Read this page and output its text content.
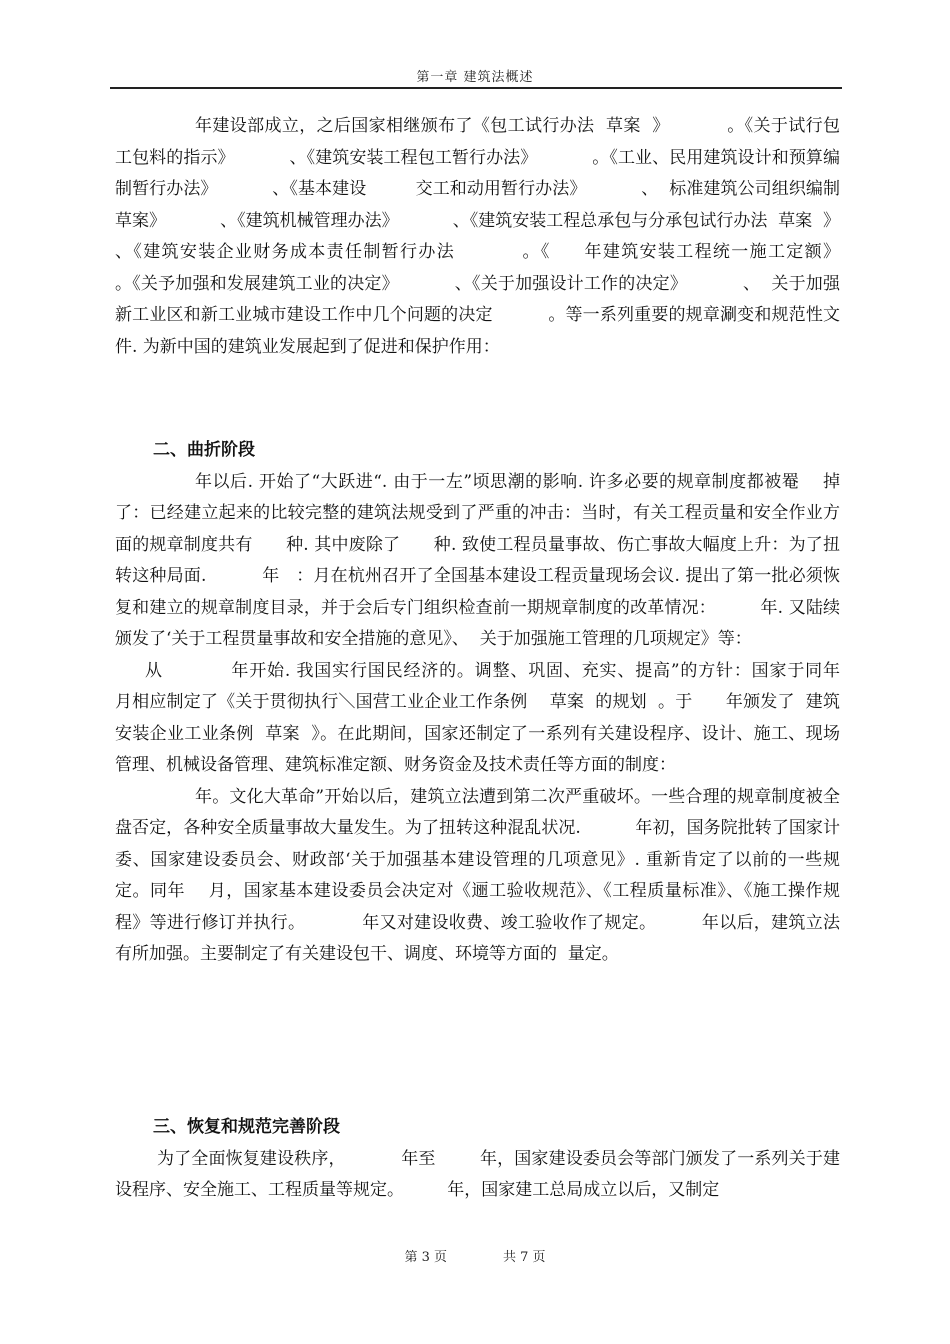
第一章 建筑法概述

年建设部成立，之后国家相继颁布了《包工试行办法  草案  》          。《关于试行包工包料的指示》          、《建筑安装工程包工暂行办法》          。《工业、民用建筑设计和预算编制暂行办法》          、《基本建设         交工和动用暂行办法》          、  标准建筑公司组织编制草案》          、《建筑机械管理办法》          、《建筑安装工程总承包与分承包试行办法  草案  》          、《建筑安装企业财务成本责任制暂行办法          。《     年建筑安装工程统一施工定额》          。《关予加强和发展建筑工业的决定》          、《关于加强设计工作的决定》          、  关于加强新工业区和新工业城市建设工作中几个问题的决定          。等一系列重要的规章涮变和规范性文件. 为新中国的建筑业发展起到了促进和保护作用：

二、曲折阶段

年以后. 开始了“大跃进“. 由于一左”顷思潮的影响. 许多必要的规章制度都被罨    掉了：已经建立起来的比较完整的建筑法规受到了严重的冲击：当时，有关工程贡量和安全作业方面的规章制度共有      种. 其中废除了      种. 致使工程员量事故、伤亡事故大幅度上升：为了扭转这种局面.          年   ：月在杭州召开了全国基本建设工程贡量现场会议. 提出了第一批必须恢复和建立的规章制度目录，并于会后专门组织检查前一期规章制度的改革情况：        年. 又陆续颁发了‘关于工程贯量事故和安全措施的意见》、  关于加强施工管理的几项规定》等：

从           年开始. 我国实行国民经济的。调整、巩固、充实、提高”的方针：国家于同年      月相应制定了《关于贯彻执行＼国营工业企业工作条例    草案  的规划  。于      年颁发了  建筑安装企业工业条例  草案  》。在此期间，国家还制定了一系列有关建设程序、设计、施工、现场管理、机械设备管理、建筑标准定额、财务资金及技术责任等方面的制度：

年。文化大革命”开始以后，建筑立法遭到第二次严重破坏。一些合理的规章制度被全盘否定，各种安全质量事故大量发生。为了扭转这种混乱状况.          年初，国务院批转了国家计委、国家建设委员会、财政部‘关于加强基本建设管理的几项意见》. 重新肯定了以前的一些规定。同年    月，国家基本建设委员会决定对《逦工验收规范》、《工程质量标准》、《施工操作规程》等进行修订并执行。          年又对建设收费、竣工验收作了规定。        年以后，建筑立法有所加强。主要制定了有关建设包干、调度、环境等方面的  量定。

三、恢复和规范完善阶段

为了全面恢复建设秩序，          年至        年，国家建设委员会等部门颁发了一系列关于建设程序、安全施工、工程质量等规定。        年，国家建工总局成立以后，又制定

第 3 页	共 7 页
